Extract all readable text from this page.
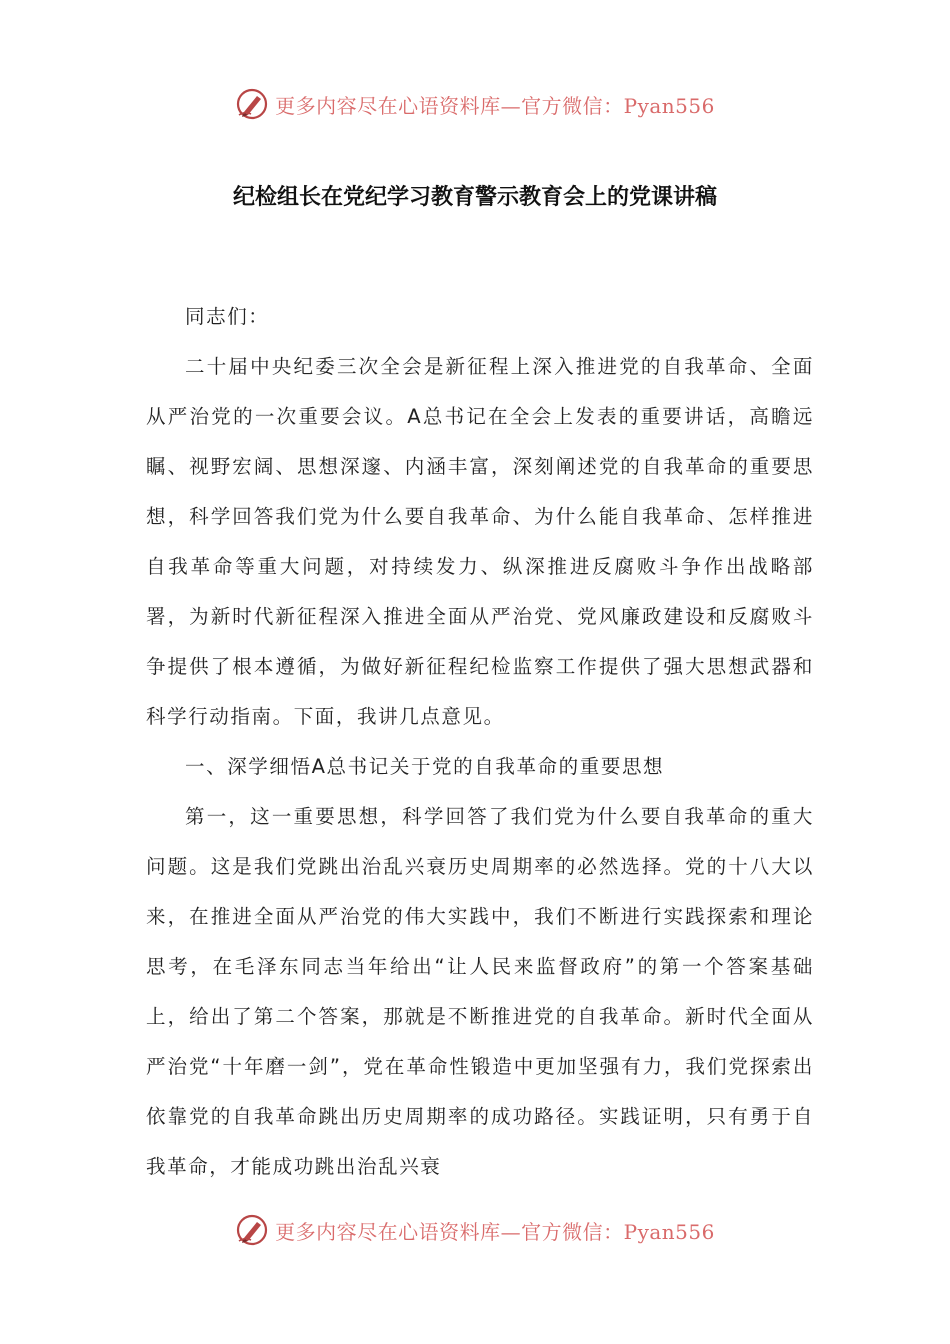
更多内容尽在心语资料库—官方微信：Pyan556
纪检组长在党纪学习教育警示教育会上的党课讲稿

同志们：

二十届中央纪委三次全会是新征程上深入推进党的自我革命、全面从严治党的一次重要会议。A总书记在全会上发表的重要讲话，高瞻远瞩、视野宏阔、思想深邃、内涵丰富，深刻阐述党的自我革命的重要思想，科学回答我们党为什么要自我革命、为什么能自我革命、怎样推进自我革命等重大问题，对持续发力、纵深推进反腐败斗争作出战略部署，为新时代新征程深入推进全面从严治党、党风廉政建设和反腐败斗争提供了根本遵循，为做好新征程纪检监察工作提供了强大思想武器和科学行动指南。下面，我讲几点意见。

一、深学细悟A总书记关于党的自我革命的重要思想

第一，这一重要思想，科学回答了我们党为什么要自我革命的重大问题。这是我们党跳出治乱兴衰历史周期率的必然选择。党的十八大以来，在推进全面从严治党的伟大实践中，我们不断进行实践探索和理论思考，在毛泽东同志当年给出“让人民来监督政府”的第一个答案基础上，给出了第二个答案，那就是不断推进党的自我革命。新时代全面从严治党“十年磨一剑”，党在革命性锻造中更加坚强有力，我们党探索出依靠党的自我革命跳出历史周期率的成功路径。实践证明，只有勇于自我革命，才能成功跳出治乱兴衰

更多内容尽在心语资料库—官方微信：Pyan556
